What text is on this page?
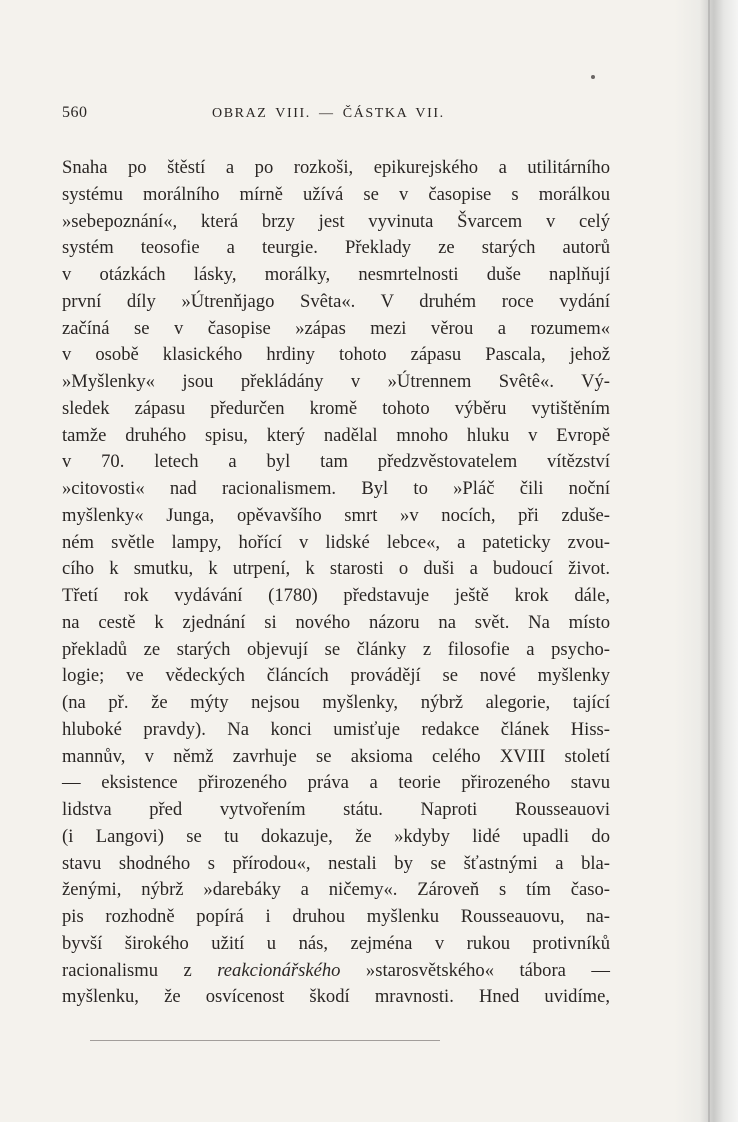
560	OBRAZ VIII. — ČÁSTKA VII.
Snaha po štěstí a po rozkoši, epikurejského a utilitárního
systému morálního mírně užívá se v časopise s morálkou
»sebepoznání«, která brzy jest vyvinuta Švarcem v celý
systém teosofie a teurgie. Překlady ze starých autorů
v otázkách lásky, morálky, nesmrtelnosti duše naplňují
první díly »Útrenňjago Svêta«. V druhém roce vydání
začíná se v časopise »zápas mezi věrou a rozumem«
v osobě klasického hrdiny tohoto zápasu Pascala, jehož
»Myšlenky« jsou překládány v »Útrennem Svêtê«. Vý-
sledek zápasu předurčen kromě tohoto výběru vytištěním
tamže druhého spisu, který nadělal mnoho hluku v Evropě
v 70. letech a byl tam předzvěstovatelem vítězství
»citovosti« nad racionalismem. Byl to »Pláč čili noční
myšlenky« Junga, opěvavšího smrt »v nocích, při zduše-
ném světle lampy, hořící v lidské lebce«, a pateticky zvou-
cího k smutku, k utrpení, k starosti o duši a budoucí život.
Třetí rok vydávání (1780) představuje ještě krok dále,
na cestě k zjednání si nového názoru na svět. Na místo
překladů ze starých objevují se články z filosofie a psycho-
logie; ve vědeckých článcích provádějí se nové myšlenky
(na př. že mýty nejsou myšlenky, nýbrž alegorie, tající
hluboké pravdy). Na konci umisťuje redakce článek Hiss-
mannův, v němž zavrhuje se aksioma celého XVIII století
— eksistence přirozeného práva a teorie přirozeného stavu
lidstva před vytvořením státu. Naproti Rousseauovi
(i Langovi) se tu dokazuje, že »kdyby lidé upadli do
stavu shodného s přírodou«, nestali by se šťastnými a bla-
ženými, nýbrž »darebáky a ničemy«. Zároveň s tím časo-
pis rozhodně popírá i druhou myšlenku Rousseauovu, na-
byvší širokého užití u nás, zejména v rukou protivníků
racionalismu z reakcionářského »starosvětského« tábora —
myšlenku, že osvícenost škodí mravnosti. Hned uvidíme,
